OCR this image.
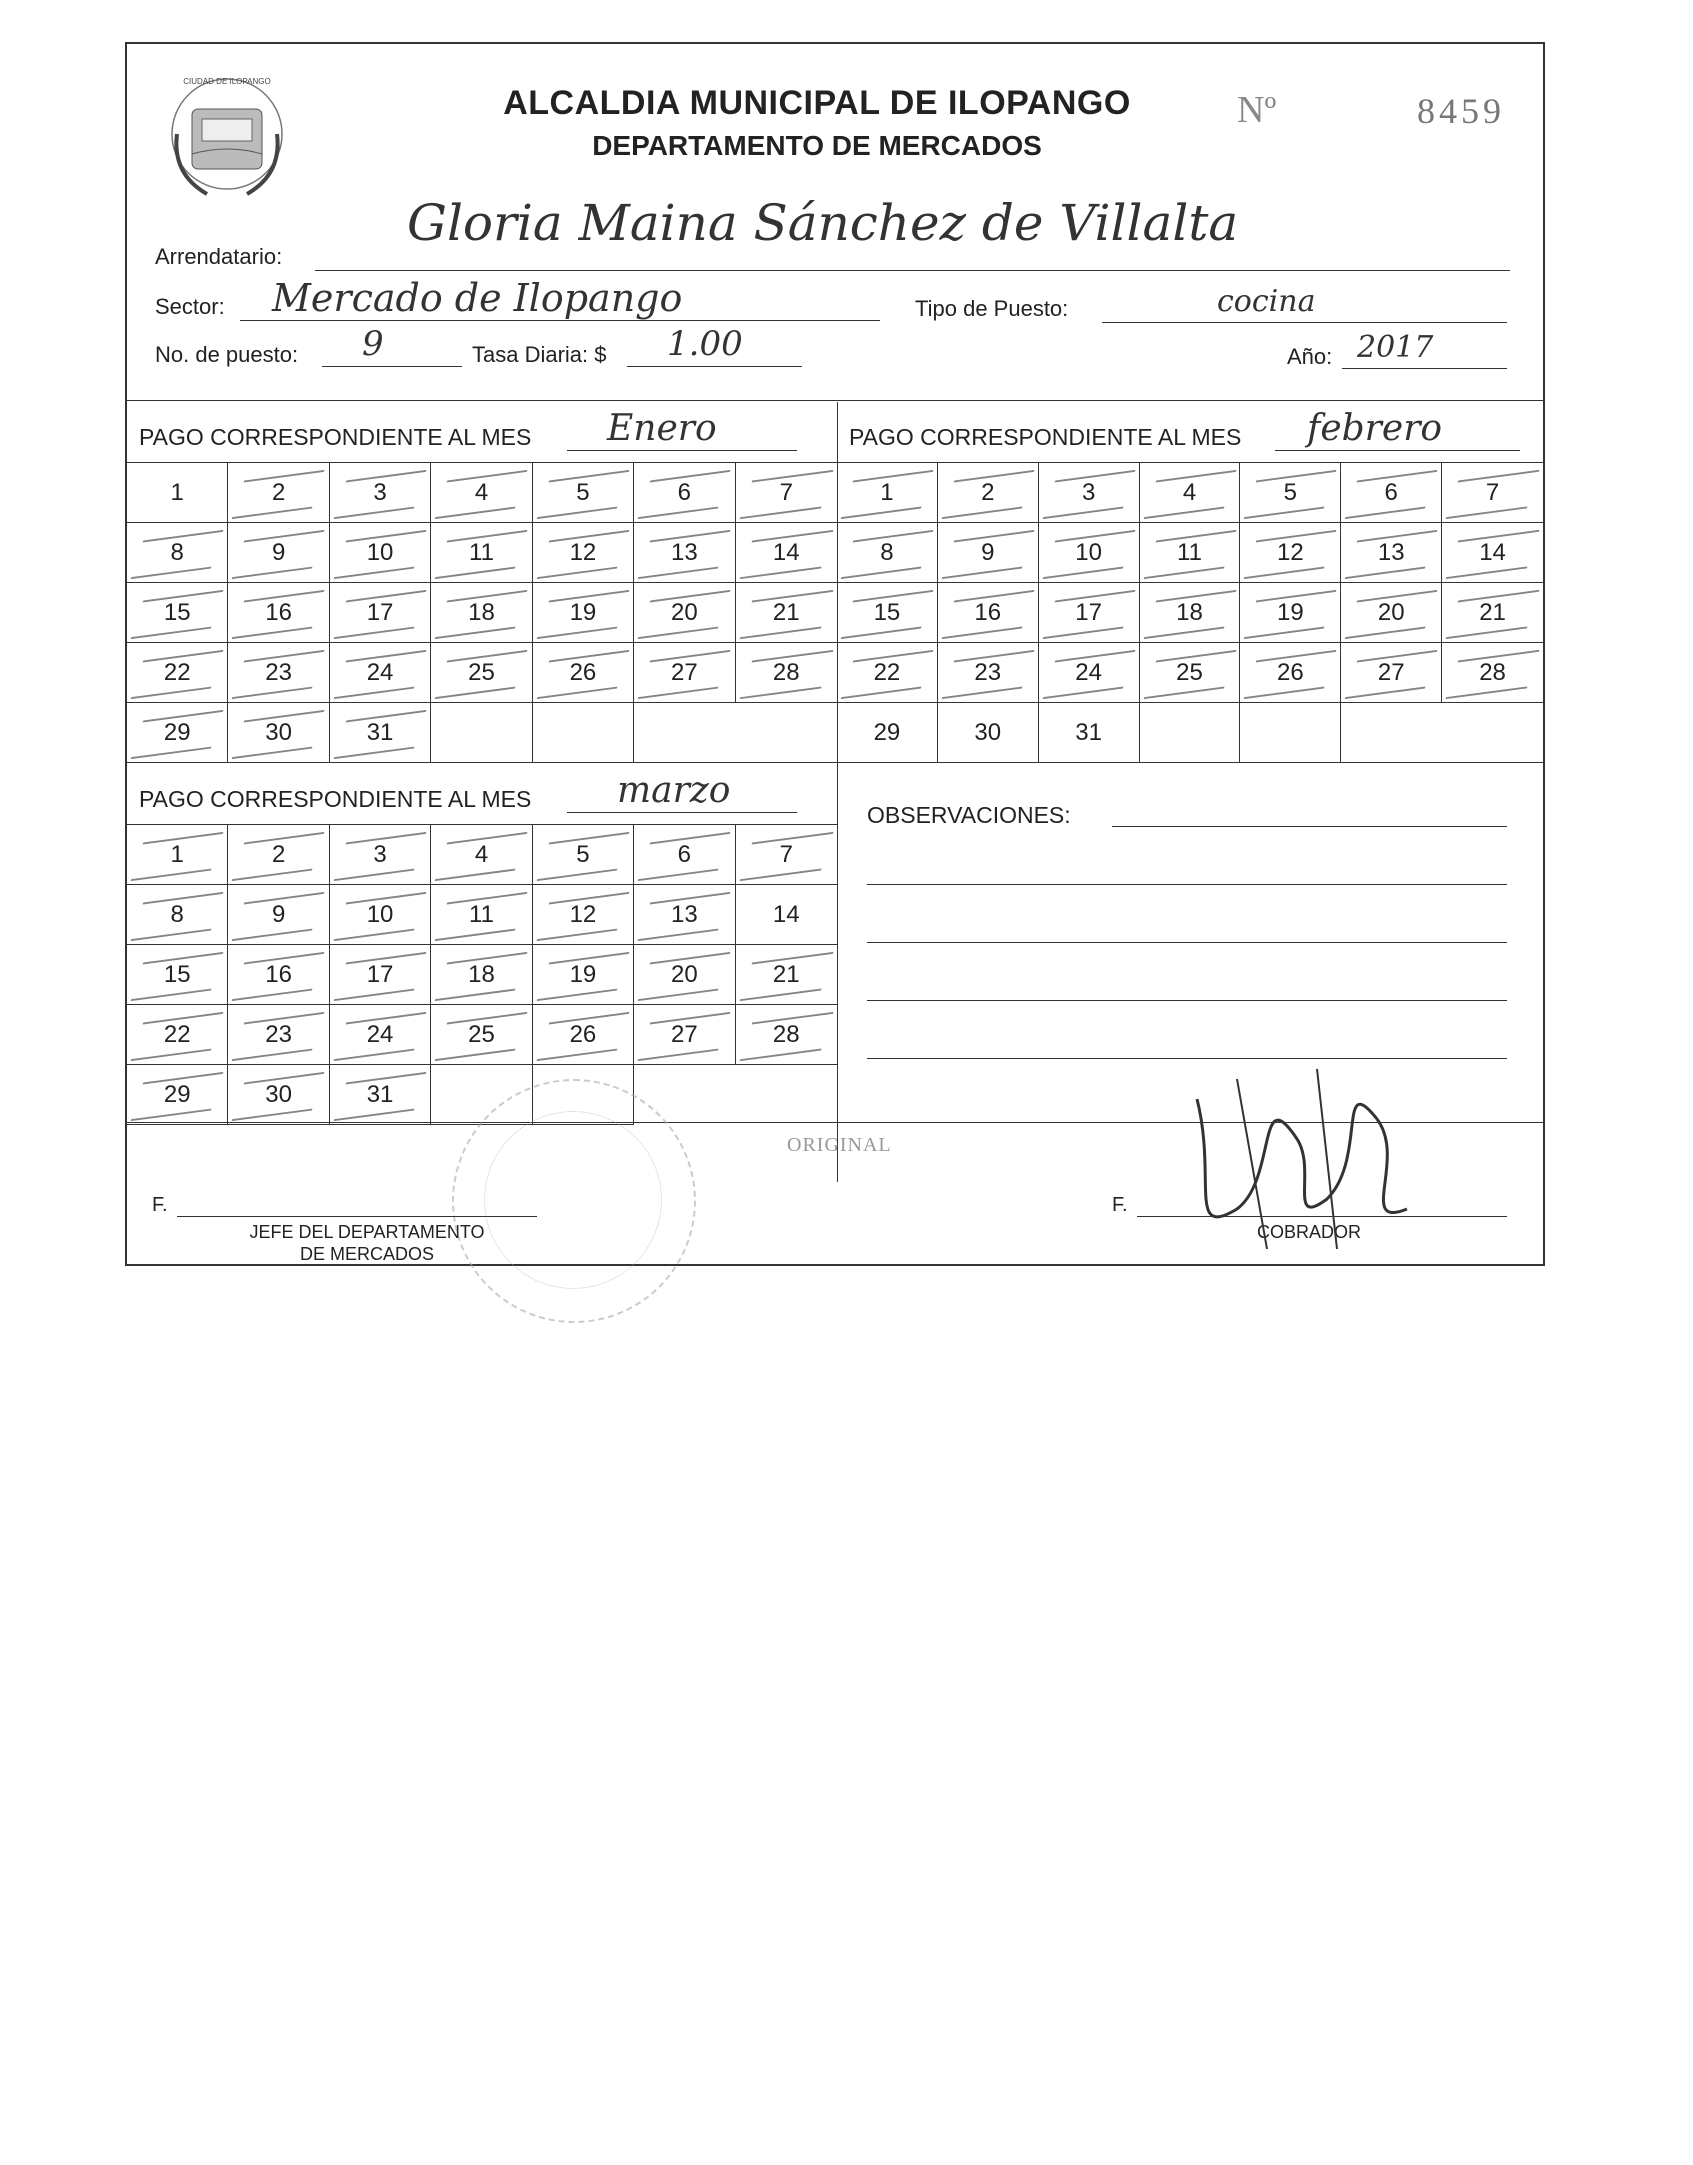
CIUDAD DE ILOPANGO
ALCALDIA MUNICIPAL DE ILOPANGO
DEPARTAMENTO DE MERCADOS
Nº	8459
Arrendatario:
Gloria Maina Sánchez de Villalta
Sector: Mercado de Ilopango	Tipo de Puesto:	cocina
No. de puesto: 9	Tasa Diaria: $ 1.00	Año: 2017
PAGO CORRESPONDIENTE AL MES Enero
1	2	3	4	5	6	7
8	9	10	11	12	13	14
15	16	17	18	19	20	21
22	23	24	25	26	27	28
29	30	31
PAGO CORRESPONDIENTE AL MES febrero
1	2	3	4	5	6	7
8	9	10	11	12	13	14
15	16	17	18	19	20	21
22	23	24	25	26	27	28
29	30	31
PAGO CORRESPONDIENTE AL MES marzo
1	2	3	4	5	6	7
8	9	10	11	12	13	14
15	16	17	18	19	20	21
22	23	24	25	26	27	28
29	30	31
OBSERVACIONES:
ORIGINAL
F.
JEFE DEL DEPARTAMENTO
DE MERCADOS
F.
COBRADOR
